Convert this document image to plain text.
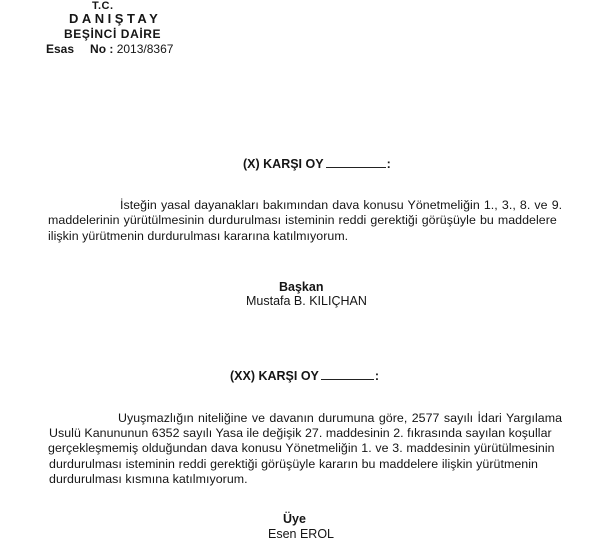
T.C.
DANIŞTAY
BEŞİNCİ DAİRE
Esas No : 2013/8367
(X) KARŞI OY	:
İsteğin yasal dayanakları bakımından dava konusu Yönetmeliğin 1., 3., 8. ve 9.
maddelerinin yürütülmesinin durdurulması isteminin reddi gerektiği görüşüyle bu maddelere
ilişkin yürütmenin durdurulması kararına katılmıyorum.
Başkan
Mustafa B. KILIÇHAN
(XX) KARŞI OY	:
Uyuşmazlığın niteliğine ve davanın durumuna göre, 2577 sayılı İdari Yargılama
Usulü Kanununun 6352 sayılı Yasa ile değişik 27. maddesinin 2. fıkrasında sayılan koşullar
gerçekleşmemiş olduğundan dava konusu Yönetmeliğin 1. ve 3. maddesinin yürütülmesinin
durdurulması isteminin reddi gerektiği görüşüyle kararın bu maddelere ilişkin yürütmenin
durdurulması kısmına katılmıyorum.
Üye
Esen EROL
